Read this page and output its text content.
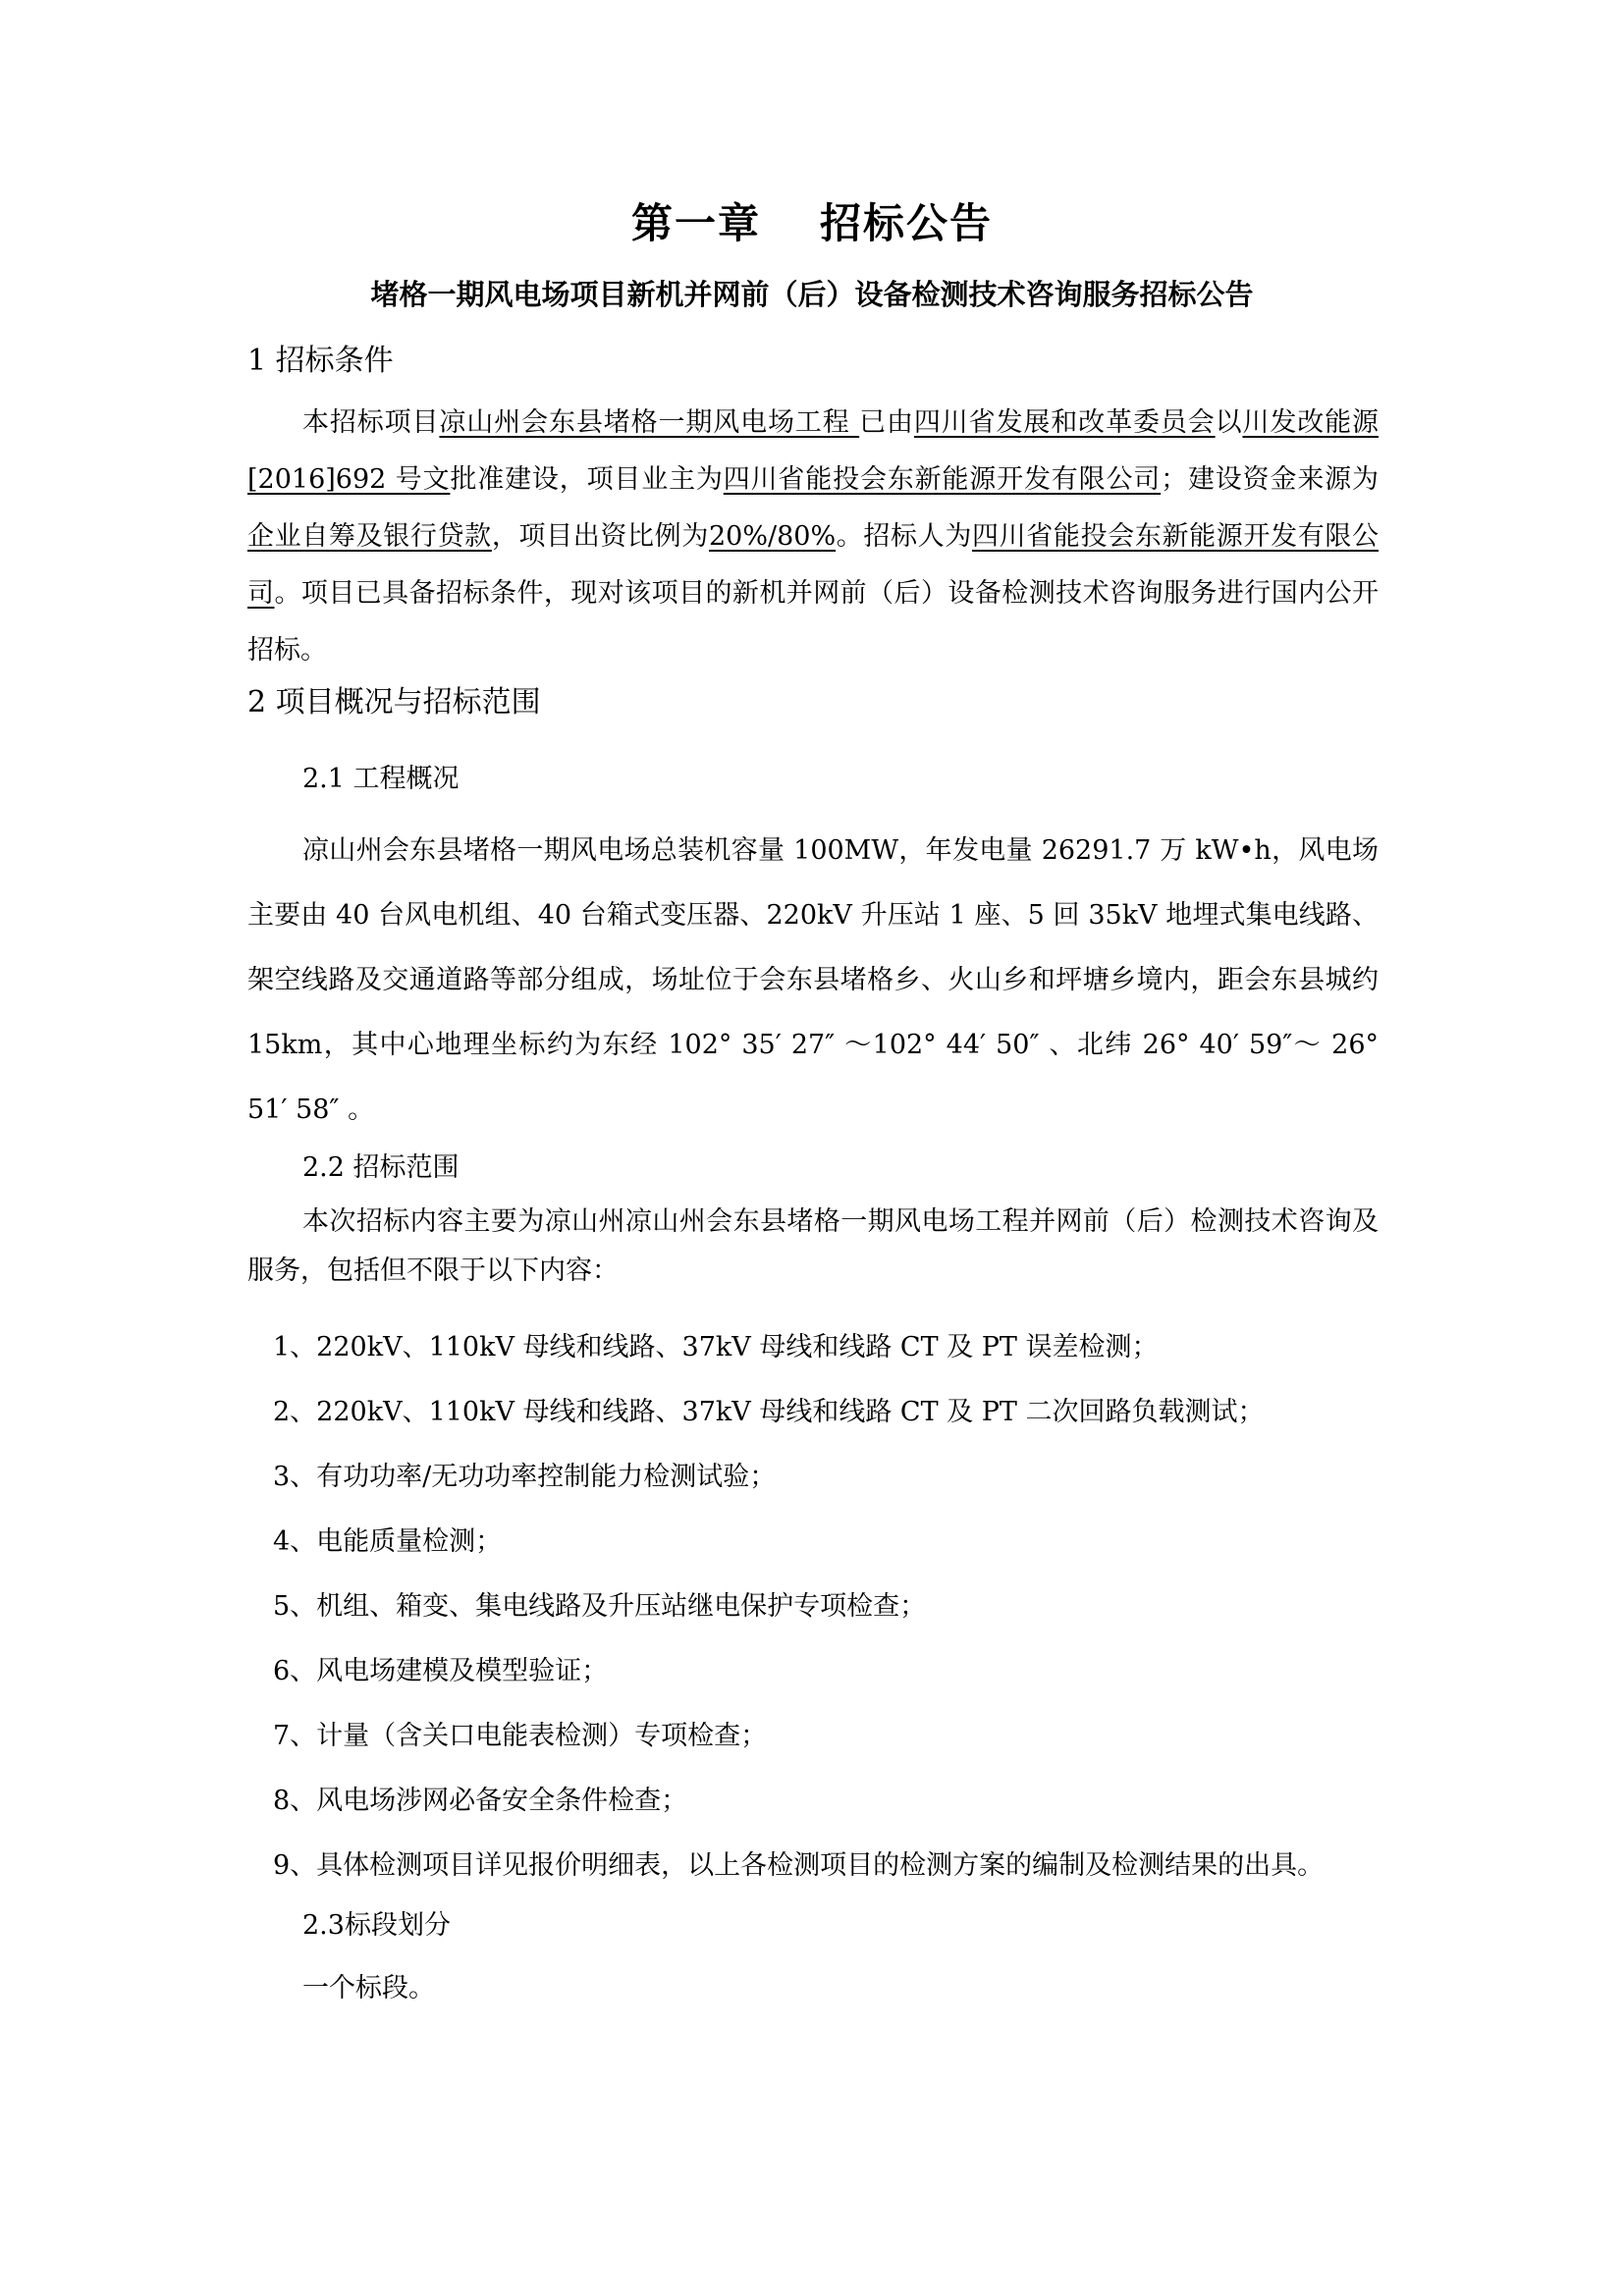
第一章 招标公告
堵格一期风电场项目新机并网前（后）设备检测技术咨询服务招标公告
1 招标条件
本招标项目凉山州会东县堵格一期风电场工程 已由四川省发展和改革委员会以川发改能源[2016]692 号文批准建设，项目业主为四川省能投会东新能源开发有限公司；建设资金来源为 企业自筹及银行贷款，项目出资比例为20%/80%。招标人为四川省能投会东新能源开发有限公司。项目已具备招标条件，现对该项目的新机并网前（后）设备检测技术咨询服务进行国内公开招标。
2 项目概况与招标范围
2.1 工程概况
凉山州会东县堵格一期风电场总装机容量 100MW，年发电量 26291.7 万 kW•h，风电场主要由 40 台风电机组、40 台箱式变压器、220kV 升压站 1 座、5 回 35kV 地埋式集电线路、架空线路及交通道路等部分组成，场址位于会东县堵格乡、火山乡和坪塘乡境内，距会东县城约 15km，其中心地理坐标约为东经 102° 35′ 27″ ～102° 44′ 50″ 、北纬 26° 40′ 59″～ 26° 51′ 58″ 。
2.2 招标范围
本次招标内容主要为凉山州凉山州会东县堵格一期风电场工程并网前（后）检测技术咨询及服务，包括但不限于以下内容：
1、220kV、110kV 母线和线路、37kV 母线和线路 CT 及 PT 误差检测；
2、220kV、110kV 母线和线路、37kV 母线和线路 CT 及 PT 二次回路负载测试；
3、有功功率/无功功率控制能力检测试验；
4、电能质量检测；
5、机组、箱变、集电线路及升压站继电保护专项检查；
6、风电场建模及模型验证；
7、计量（含关口电能表检测）专项检查；
8、风电场涉网必备安全条件检查；
9、具体检测项目详见报价明细表，以上各检测项目的检测方案的编制及检测结果的出具。
2.3标段划分
一个标段。
